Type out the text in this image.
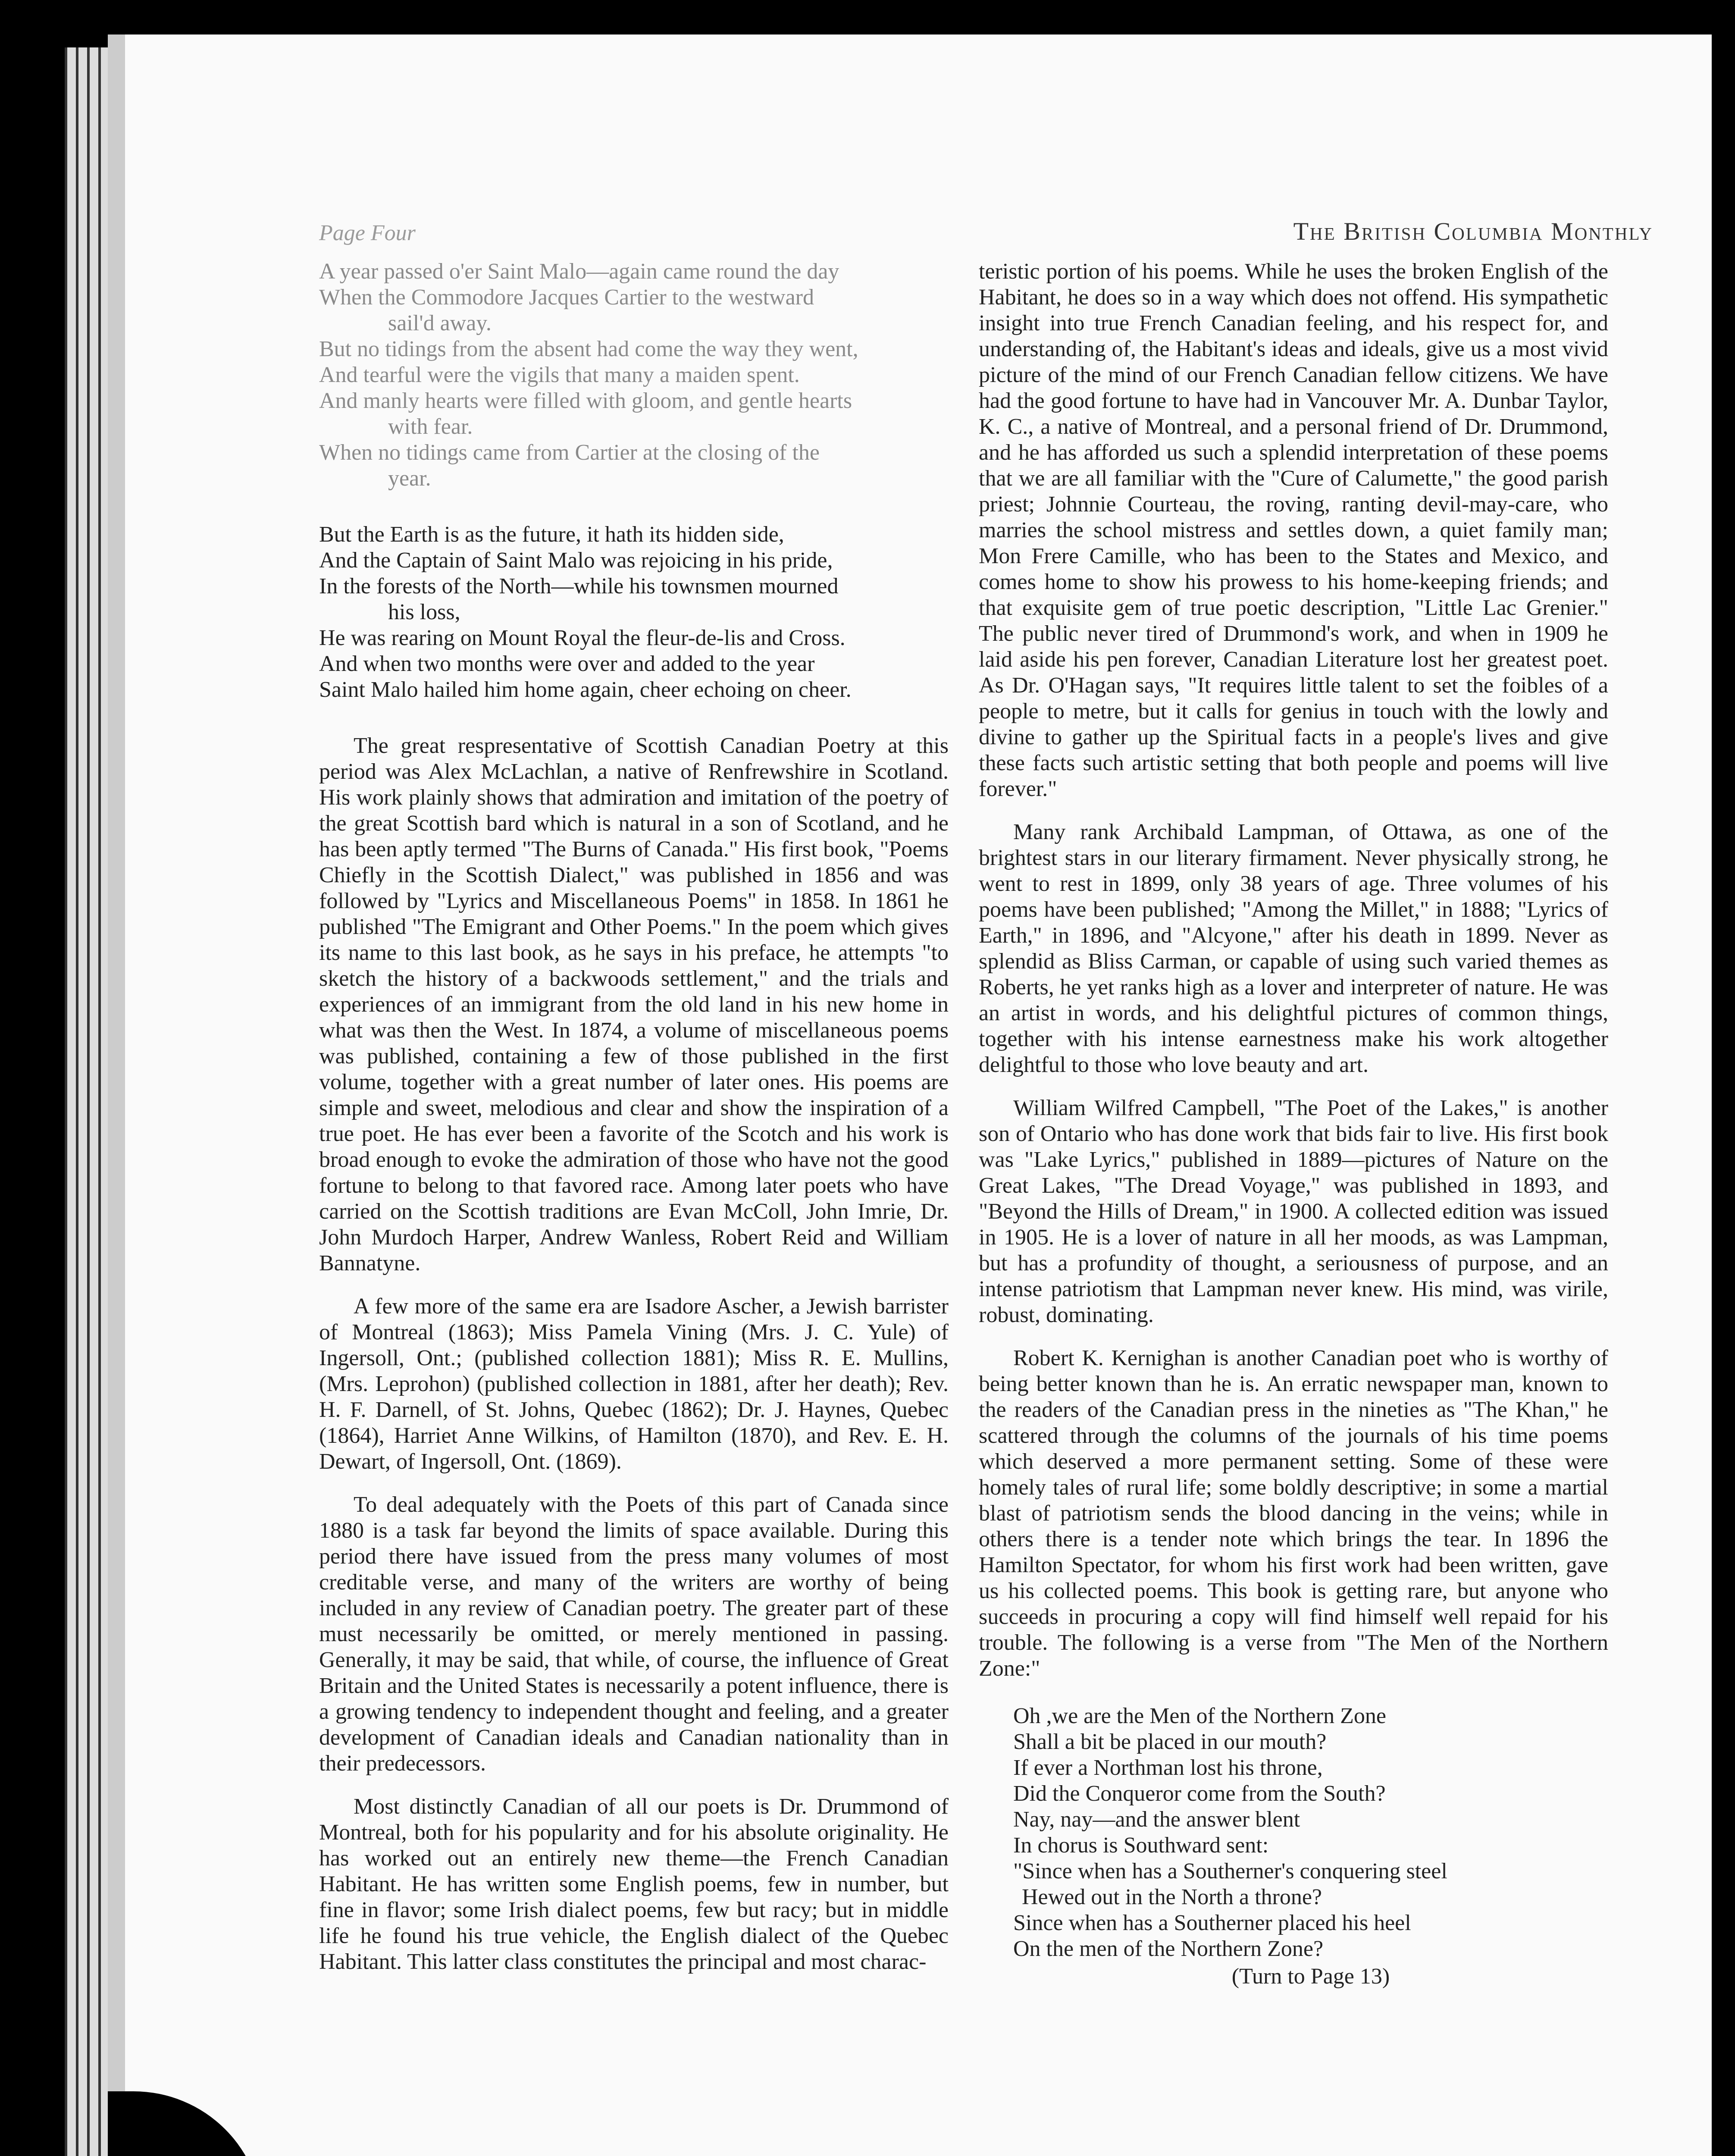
Page Four	The British Columbia Monthly

A year passed o'er Saint Malo—again came round the day

When the Commodore Jacques Cartier to the westward

sail'd away.

But no tidings from the absent had come the way they went,

And tearful were the vigils that many a maiden spent.

And manly hearts were filled with gloom, and gentle hearts

with fear.

When no tidings came from Cartier at the closing of the

year.

But the Earth is as the future, it hath its hidden side,

And the Captain of Saint Malo was rejoicing in his pride,

In the forests of the North—while his townsmen mourned

his loss,

He was rearing on Mount Royal the fleur-de-lis and Cross.

And when two months were over and added to the year

Saint Malo hailed him home again, cheer echoing on cheer.

The great respresentative of Scottish Canadian Poetry at this period was Alex McLachlan, a native of Renfrewshire in Scotland. His work plainly shows that admiration and imitation of the poetry of the great Scottish bard which is natural in a son of Scotland, and he has been aptly termed "The Burns of Canada." His first book, "Poems Chiefly in the Scottish Dialect," was published in 1856 and was followed by "Lyrics and Miscellaneous Poems" in 1858. In 1861 he published "The Emigrant and Other Poems." In the poem which gives its name to this last book, as he says in his preface, he attempts "to sketch the history of a backwoods settlement," and the trials and experiences of an immigrant from the old land in his new home in what was then the West. In 1874, a volume of miscellaneous poems was published, containing a few of those published in the first volume, together with a great number of later ones. His poems are simple and sweet, melodious and clear and show the inspiration of a true poet. He has ever been a favorite of the Scotch and his work is broad enough to evoke the admiration of those who have not the good fortune to belong to that favored race. Among later poets who have carried on the Scottish traditions are Evan McColl, John Imrie, Dr. John Murdoch Harper, Andrew Wanless, Robert Reid and William Bannatyne.

A few more of the same era are Isadore Ascher, a Jewish barrister of Montreal (1863); Miss Pamela Vining (Mrs. J. C. Yule) of Ingersoll, Ont.; (published collection 1881); Miss R. E. Mullins, (Mrs. Leprohon) (published collection in 1881, after her death); Rev. H. F. Darnell, of St. Johns, Quebec (1862); Dr. J. Haynes, Quebec (1864), Harriet Anne Wilkins, of Hamilton (1870), and Rev. E. H. Dewart, of Ingersoll, Ont. (1869).

To deal adequately with the Poets of this part of Canada since 1880 is a task far beyond the limits of space available. During this period there have issued from the press many volumes of most creditable verse, and many of the writers are worthy of being included in any review of Canadian poetry. The greater part of these must necessarily be omitted, or merely mentioned in passing. Generally, it may be said, that while, of course, the influence of Great Britain and the United States is necessarily a potent influence, there is a growing tendency to independent thought and feeling, and a greater development of Canadian ideals and Canadian nationality than in their predecessors.

Most distinctly Canadian of all our poets is Dr. Drummond of Montreal, both for his popularity and for his absolute originality. He has worked out an entirely new theme—the French Canadian Habitant. He has written some English poems, few in number, but fine in flavor; some Irish dialect poems, few but racy; but in middle life he found his true vehicle, the English dialect of the Quebec Habitant. This latter class constitutes the principal and most charac-

teristic portion of his poems. While he uses the broken English of the Habitant, he does so in a way which does not offend. His sympathetic insight into true French Canadian feeling, and his respect for, and understanding of, the Habitant's ideas and ideals, give us a most vivid picture of the mind of our French Canadian fellow citizens. We have had the good fortune to have had in Vancouver Mr. A. Dunbar Taylor, K. C., a native of Montreal, and a personal friend of Dr. Drummond, and he has afforded us such a splendid interpretation of these poems that we are all familiar with the "Cure of Calumette," the good parish priest; Johnnie Courteau, the roving, ranting devil-may-care, who marries the school mistress and settles down, a quiet family man; Mon Frere Camille, who has been to the States and Mexico, and comes home to show his prowess to his home-keeping friends; and that exquisite gem of true poetic description, "Little Lac Grenier." The public never tired of Drummond's work, and when in 1909 he laid aside his pen forever, Canadian Literature lost her greatest poet. As Dr. O'Hagan says, "It requires little talent to set the foibles of a people to metre, but it calls for genius in touch with the lowly and divine to gather up the Spiritual facts in a people's lives and give these facts such artistic setting that both people and poems will live forever."

Many rank Archibald Lampman, of Ottawa, as one of the brightest stars in our literary firmament. Never physically strong, he went to rest in 1899, only 38 years of age. Three volumes of his poems have been published; "Among the Millet," in 1888; "Lyrics of Earth," in 1896, and "Alcyone," after his death in 1899. Never as splendid as Bliss Carman, or capable of using such varied themes as Roberts, he yet ranks high as a lover and interpreter of nature. He was an artist in words, and his delightful pictures of common things, together with his intense earnestness make his work altogether delightful to those who love beauty and art.

William Wilfred Campbell, "The Poet of the Lakes," is another son of Ontario who has done work that bids fair to live. His first book was "Lake Lyrics," published in 1889—pictures of Nature on the Great Lakes, "The Dread Voyage," was published in 1893, and "Beyond the Hills of Dream," in 1900. A collected edition was issued in 1905. He is a lover of nature in all her moods, as was Lampman, but has a profundity of thought, a seriousness of purpose, and an intense patriotism that Lampman never knew. His mind, was virile, robust, dominating.

Robert K. Kernighan is another Canadian poet who is worthy of being better known than he is. An erratic newspaper man, known to the readers of the Canadian press in the nineties as "The Khan," he scattered through the columns of the journals of his time poems which deserved a more permanent setting. Some of these were homely tales of rural life; some boldly descriptive; in some a martial blast of patriotism sends the blood dancing in the veins; while in others there is a tender note which brings the tear. In 1896 the Hamilton Spectator, for whom his first work had been written, gave us his collected poems. This book is getting rare, but anyone who succeeds in procuring a copy will find himself well repaid for his trouble. The following is a verse from "The Men of the Northern Zone:"

Oh ,we are the Men of the Northern Zone

Shall a bit be placed in our mouth?

If ever a Northman lost his throne,

Did the Conqueror come from the South?

Nay, nay—and the answer blent

In chorus is Southward sent:

"Since when has a Southerner's conquering steel

Hewed out in the North a throne?

Since when has a Southerner placed his heel

On the men of the Northern Zone?

(Turn to Page 13)
